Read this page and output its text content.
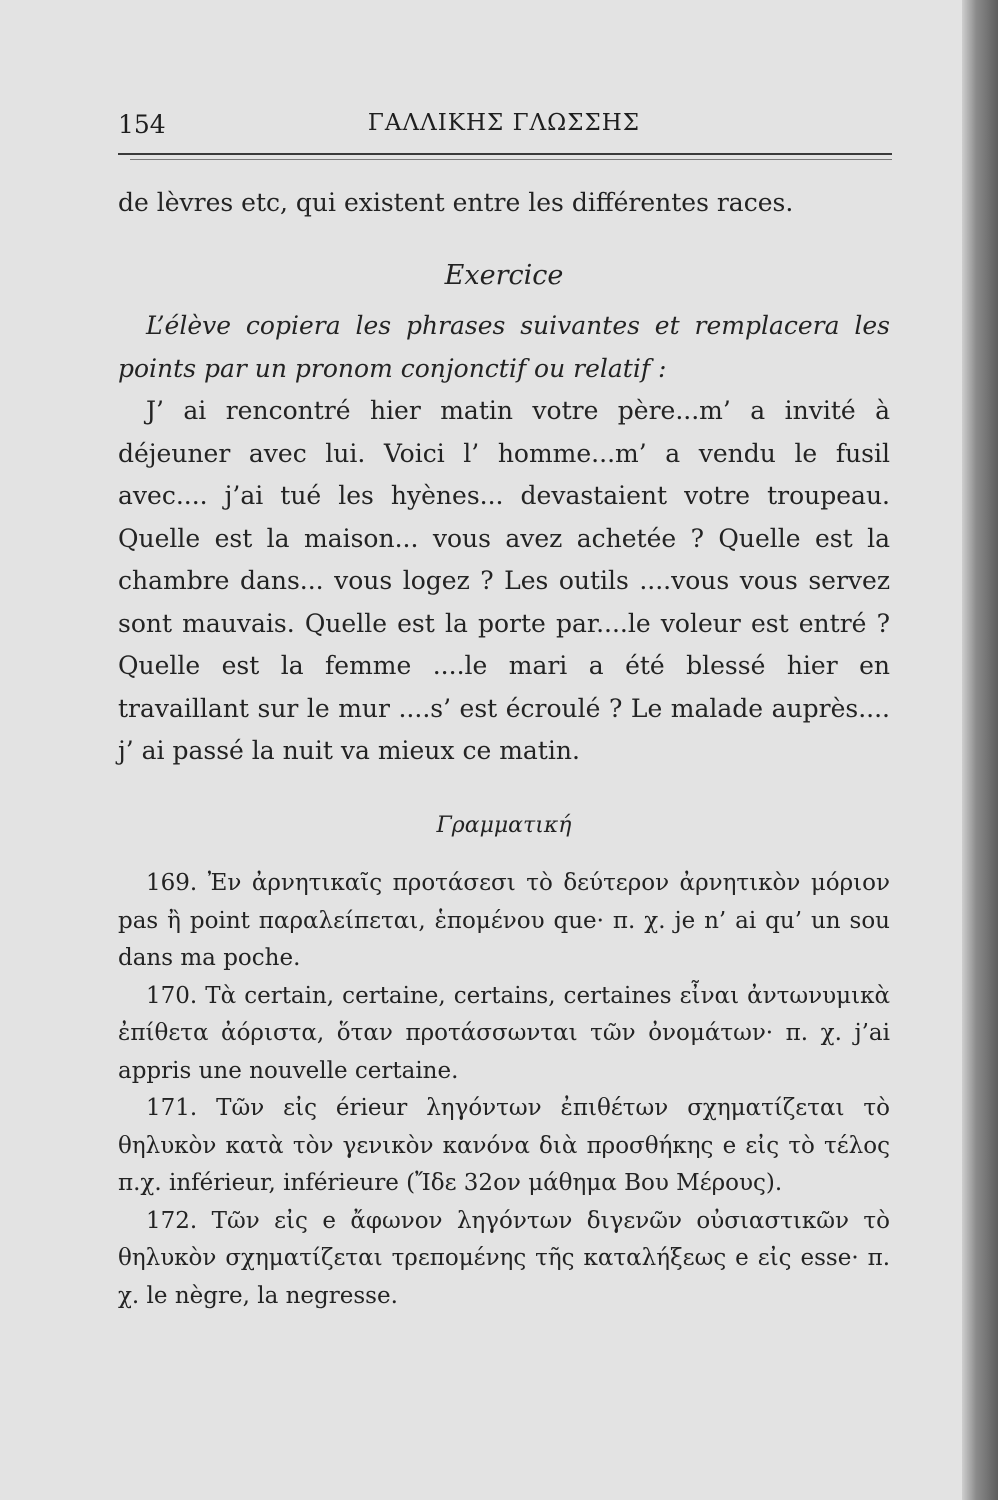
154	ΓΑΛΛΙΚΗΣ ΓΛΩΣΣΗΣ

de lèvres etc, qui existent entre les différentes races.

Exercice

L’élève copiera les phrases suivantes et remplacera les points par un pronom conjonctif ou relatif :

J’ ai rencontré hier matin votre père...m’ a invité à déjeuner avec lui. Voici l’ homme...m’ a vendu le fusil avec.... j’ai tué les hyènes... devastaient votre troupeau. Quelle est la maison... vous avez achetée ? Quelle est la chambre dans... vous logez ? Les outils ....vous vous servez sont mauvais. Quelle est la porte par....le voleur est entré ? Quelle est la femme ....le mari a été blessé hier en travaillant sur le mur ....s’ est écroulé ? Le malade auprès.... j’ ai passé la nuit va mieux ce matin.

Γραμματική

169. Ἐν ἀρνητικαῖς προτάσεσι τὸ δεύτερον ἀρνητικὸν μόριον pas ἢ point παραλείπεται, ἑπομένου que· π. χ. je n’ ai qu’ un sou dans ma poche.

170. Τὰ certain, certaine, certains, certaines εἶναι ἀντωνυμικὰ ἐπίθετα ἀόριστα, ὅταν προτάσσωνται τῶν ὀνομάτων· π. χ. j’ai appris une nouvelle certaine.

171. Τῶν εἰς érieur ληγόντων ἐπιθέτων σχηματίζεται τὸ θηλυκὸν κατὰ τὸν γενικὸν κανόνα διὰ προσθήκης e εἰς τὸ τέλος π.χ. inférieur, inférieure (Ἴδε 32ον μάθημα Βου Μέρους).

172. Τῶν εἰς e ἄφωνον ληγόντων διγενῶν οὐσιαστικῶν τὸ θηλυκὸν σχηματίζεται τρεπομένης τῆς καταλήξεως e εἰς esse· π. χ. le nègre, la negresse.
